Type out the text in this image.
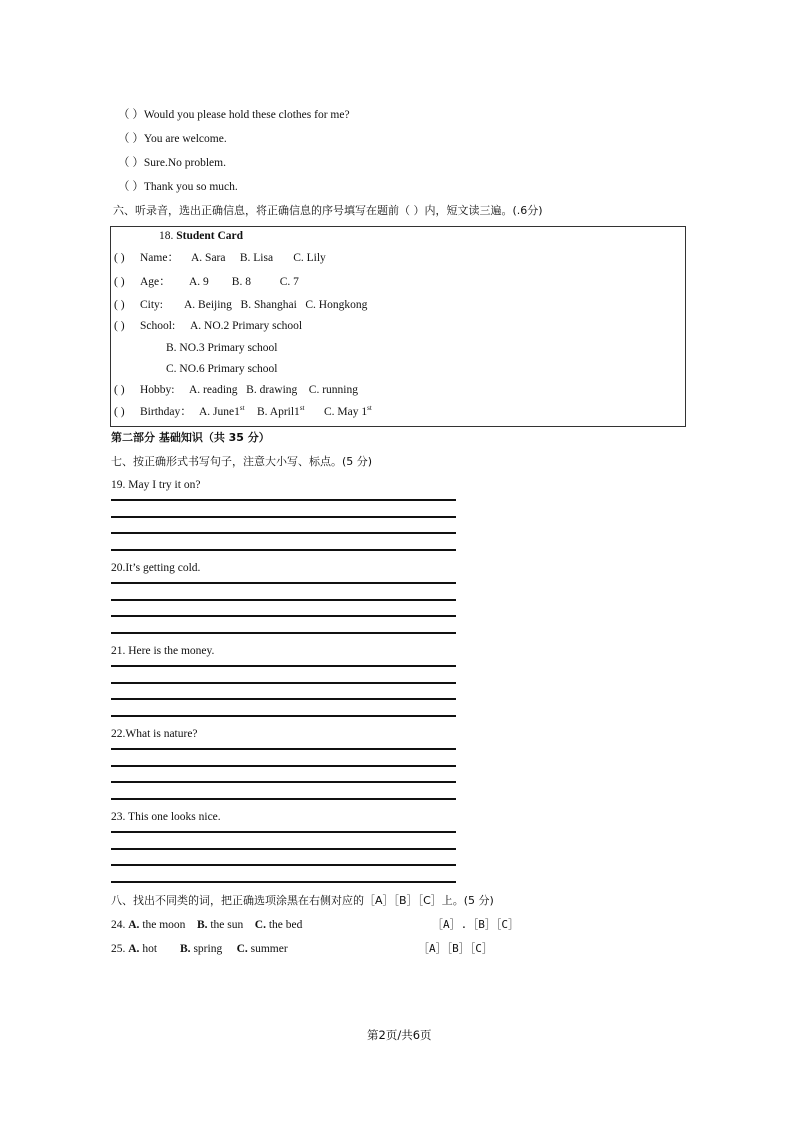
（ ）Would you please hold these clothes for me?
（ ）You are welcome.
（ ）Sure.No problem.
（ ）Thank you so much.
六、听录音，选出正确信息，将正确信息的序号填写在题前（ ）内，短文读三遍。(.6分)
18. Student Card
( ) Name： A. Sara     B. Lisa       C. Lily
( ) Age： A. 9        B. 8          C. 7
( ) City: A. Beijing   B. Shanghai   C. Hongkong
( ) School: A. NO.2 Primary school
B. NO.3 Primary school
C. NO.6 Primary school
( ) Hobby: A. reading   B. drawing    C. running
( ) Birthday： A. June1st B. April1st C. May 1st
第二部分 基础知识（共 35 分）
七、按正确形式书写句子，注意大小写、标点。(5 分)
19. May I try it on?
20.It’s getting cold.
21. Here is the money.
22.What is nature?
23. This one looks nice.
八、找出不同类的词，把正确选项涂黑在右侧对应的［A］［B］［C］上。(5 分)
24. A. the moon B. the sun C. the bed	［A］.［B］［C］
25. A. hot B. spring C. summer	［A］［B］［C］
第2页/共6页
